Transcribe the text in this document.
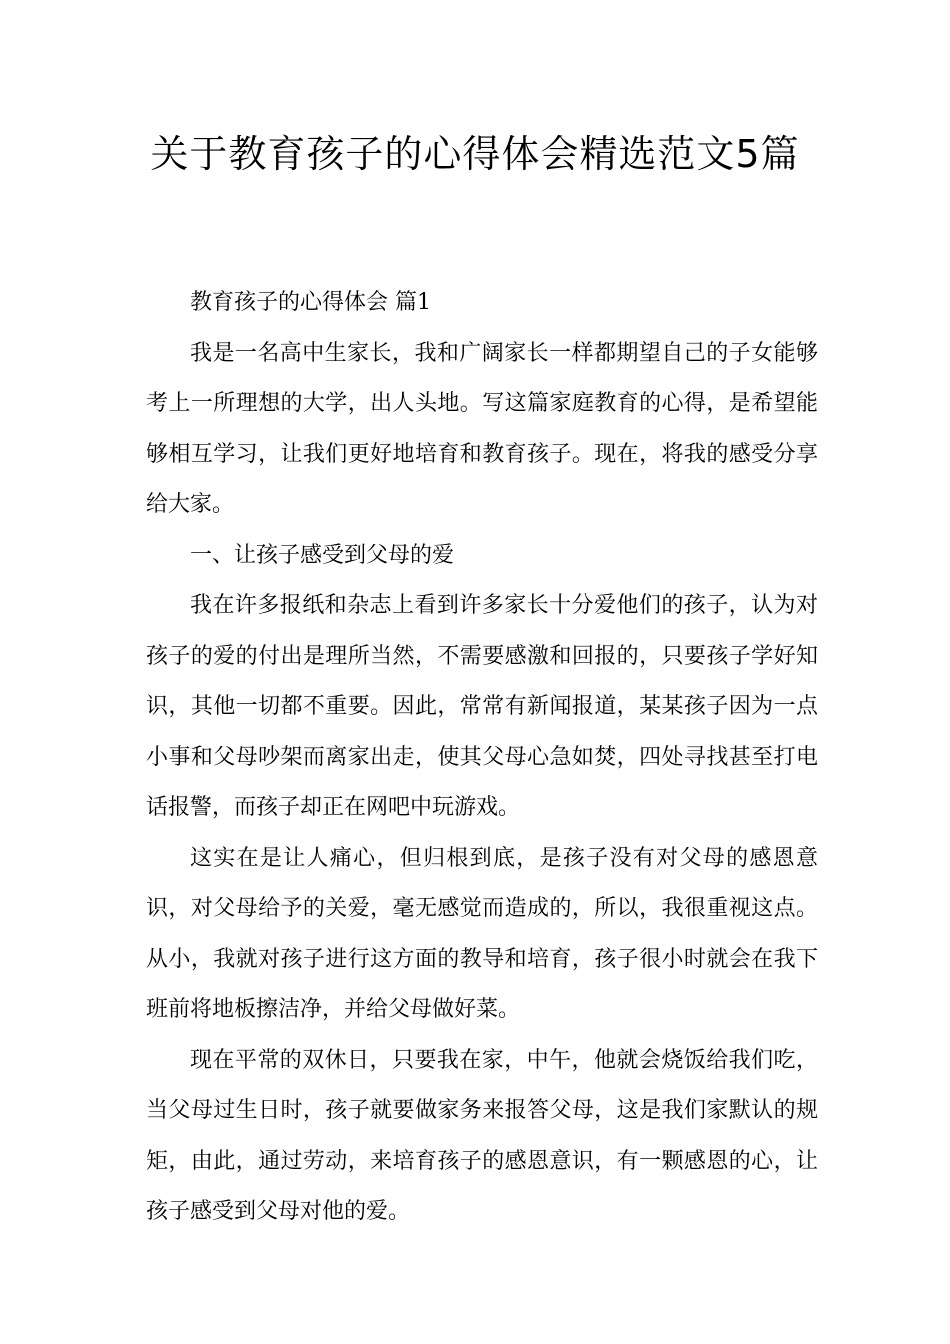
关于教育孩子的心得体会精选范文5篇

教育孩子的心得体会 篇1

我是一名高中生家长，我和广阔家长一样都期望自己的子女能够考上一所理想的大学，出人头地。写这篇家庭教育的心得，是希望能够相互学习，让我们更好地培育和教育孩子。现在，将我的感受分享给大家。

一、让孩子感受到父母的爱

我在许多报纸和杂志上看到许多家长十分爱他们的孩子，认为对孩子的爱的付出是理所当然，不需要感激和回报的，只要孩子学好知识，其他一切都不重要。因此，常常有新闻报道，某某孩子因为一点小事和父母吵架而离家出走，使其父母心急如焚，四处寻找甚至打电话报警，而孩子却正在网吧中玩游戏。

这实在是让人痛心，但归根到底，是孩子没有对父母的感恩意识，对父母给予的关爱，毫无感觉而造成的，所以，我很重视这点。从小，我就对孩子进行这方面的教导和培育，孩子很小时就会在我下班前将地板擦洁净，并给父母做好菜。

现在平常的双休日，只要我在家，中午，他就会烧饭给我们吃，当父母过生日时，孩子就要做家务来报答父母，这是我们家默认的规矩，由此，通过劳动，来培育孩子的感恩意识，有一颗感恩的心，让孩子感受到父母对他的爱。
